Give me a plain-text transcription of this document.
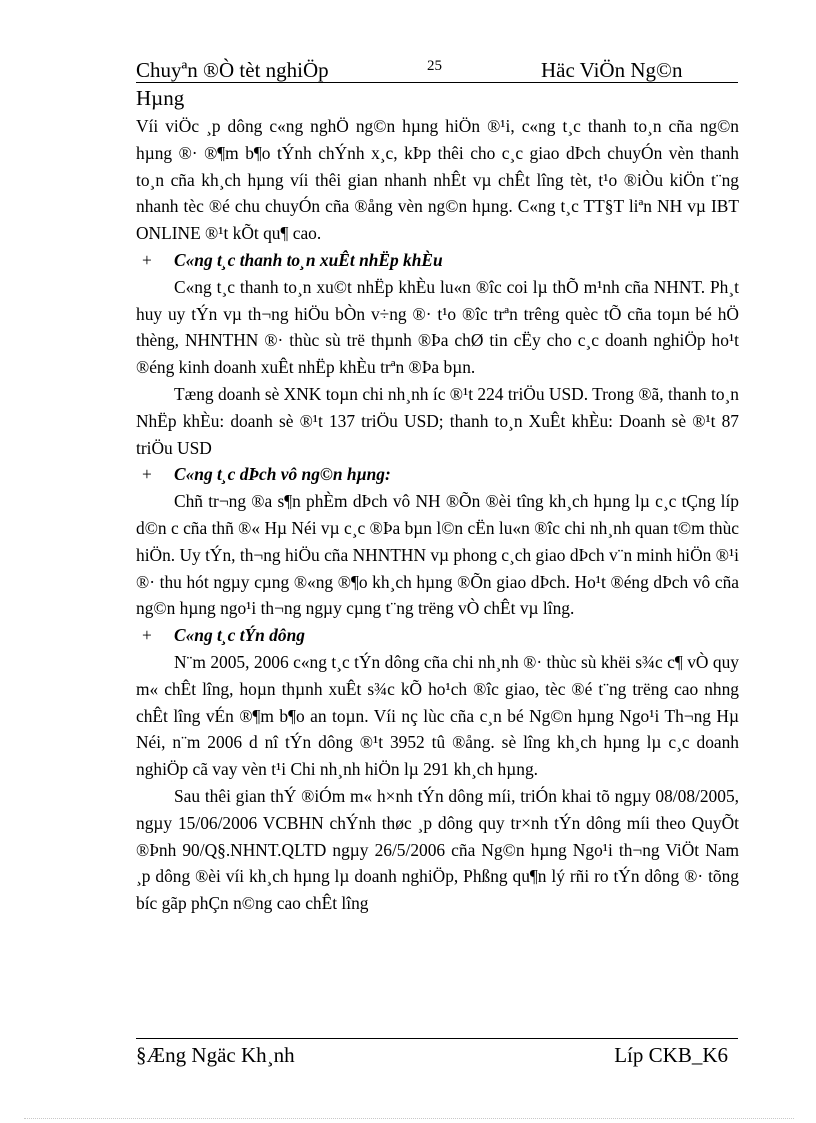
Chuyªn ®Ò tèt nghiÖp	25	Häc ViÖn Ng©n
Hµng

Víi viÖc ¸p dông c«ng nghÖ ng©n hµng hiÖn ®¹i, c«ng t¸c thanh to¸n cña ng©n hµng ®· ®¶m b¶o tÝnh chÝnh x¸c, kÞp thêi cho c¸c giao dÞch chuyÓn vèn thanh to¸n cña kh¸ch hµng víi thêi gian nhanh nhÊt vµ chÊt lîng tèt, t¹o ®iÒu kiÖn t¨ng nhanh tèc ®é chu chuyÓn cña ®ång vèn ng©n hµng. C«ng t¸c TT§T liªn NH vµ IBT ONLINE ®¹t kÕt qu¶ cao.

+	C«ng t¸c thanh to¸n xuÊt nhËp khÈu

C«ng t¸c thanh to¸n xu©t nhËp khÈu lu«n ®îc coi lµ thÕ m¹nh cña NHNT. Ph¸t huy uy tÝn vµ th¬ng hiÖu bÒn v÷ng ®· t¹o ®îc trªn trêng quèc tÕ cña toµn bé hÖ thèng, NHNTHN ®· thùc sù trë thµnh ®Þa chØ tin cËy cho c¸c doanh nghiÖp ho¹t ®éng kinh doanh xuÊt nhËp khÈu trªn ®Þa bµn.

Tæng doanh sè XNK toµn chi nh¸nh íc ®¹t 224 triÖu USD. Trong ®ã, thanh to¸n NhËp khÈu: doanh sè ®¹t 137 triÖu USD; thanh to¸n XuÊt khÈu: Doanh sè ®¹t 87 triÖu USD

+	C«ng t¸c dÞch vô ng©n hµng:

Chñ tr¬ng ®a s¶n phÈm dÞch vô NH ®Õn ®èi tîng kh¸ch hµng lµ c¸c tÇng líp d©n c cña thñ ®« Hµ Néi vµ c¸c ®Þa bµn l©n cËn lu«n ®îc chi nh¸nh quan t©m thùc hiÖn. Uy tÝn, th¬ng hiÖu cña NHNTHN vµ phong c¸ch giao dÞch v¨n minh hiÖn ®¹i ®· thu hót ngµy cµng ®«ng ®¶o kh¸ch hµng ®Õn giao dÞch. Ho¹t ®éng dÞch vô cña ng©n hµng ngo¹i th¬ng ngµy cµng t¨ng trëng vÒ chÊt vµ lîng.

+	C«ng t¸c tÝn dông

N¨m 2005, 2006 c«ng t¸c tÝn dông cña chi nh¸nh ®· thùc sù khëi s¾c c¶ vÒ quy m« chÊt lîng, hoµn thµnh xuÊt s¾c kÕ ho¹ch ®îc giao, tèc ®é t¨ng trëng cao nhng chÊt lîng vÉn ®¶m b¶o an toµn. Víi nç lùc cña c¸n bé Ng©n hµng Ngo¹i Th¬ng Hµ Néi, n¨m 2006 d nî tÝn dông ®¹t 3952 tû ®ång. sè lîng kh¸ch hµng lµ c¸c doanh nghiÖp cã vay vèn t¹i Chi nh¸nh hiÖn lµ 291 kh¸ch hµng.

Sau thêi gian thÝ ®iÓm m« h×nh tÝn dông míi, triÓn khai tõ ngµy 08/08/2005, ngµy 15/06/2006 VCBHN chÝnh thøc ¸p dông quy tr×nh tÝn dông míi theo QuyÕt ®Þnh 90/Q§.NHNT.QLTD ngµy 26/5/2006 cña Ng©n hµng Ngo¹i th¬ng ViÖt Nam ¸p dông ®èi víi kh¸ch hµng lµ doanh nghiÖp, Phßng qu¶n lý rñi ro tÝn dông ®· tõng bíc gãp phÇn n©ng cao chÊt lîng

§Æng Ngäc Kh¸nh	Líp CKB_K6
